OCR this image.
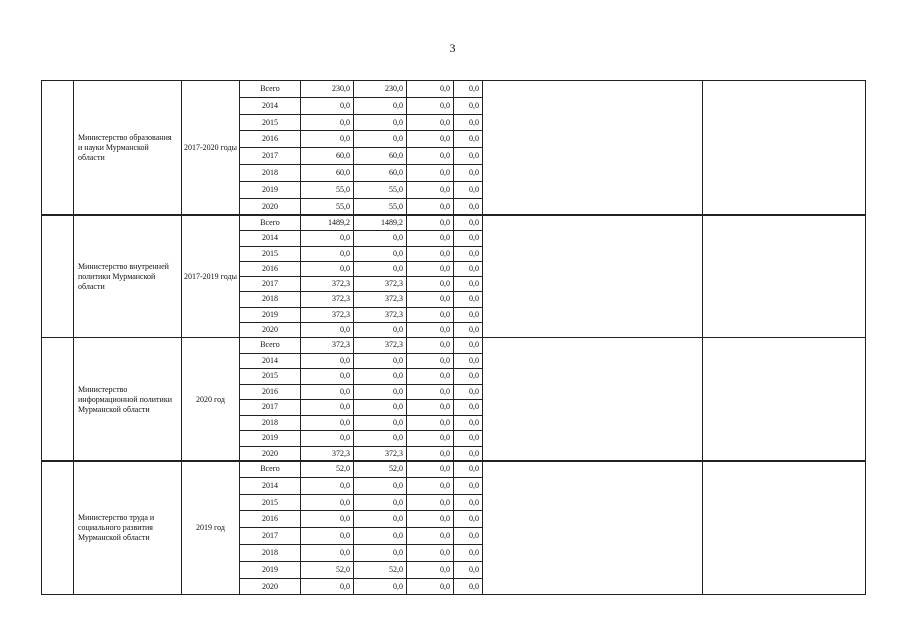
3
	Министерство образования и науки Мурманской области	2017-2020 годы	Всего	230,0	230,0	0,0	0,0		
			2014	0,0	0,0	0,0	0,0		
			2015	0,0	0,0	0,0	0,0		
			2016	0,0	0,0	0,0	0,0		
			2017	60,0	60,0	0,0	0,0		
			2018	60,0	60,0	0,0	0,0		
			2019	55,0	55,0	0,0	0,0		
			2020	55,0	55,0	0,0	0,0		
	Министерство внутренней политики Мурманской области	2017-2019 годы	Всего	1489,2	1489,2	0,0	0,0		
			2014	0,0	0,0	0,0	0,0		
			2015	0,0	0,0	0,0	0,0		
			2016	0,0	0,0	0,0	0,0		
			2017	372,3	372,3	0,0	0,0		
			2018	372,3	372,3	0,0	0,0		
			2019	372,3	372,3	0,0	0,0		
			2020	0,0	0,0	0,0	0,0		
	Министерство информационной политики Мурманской области	2020 год	Всего	372,3	372,3	0,0	0,0		
			2014	0,0	0,0	0,0	0,0		
			2015	0,0	0,0	0,0	0,0		
			2016	0,0	0,0	0,0	0,0		
			2017	0,0	0,0	0,0	0,0		
			2018	0,0	0,0	0,0	0,0		
			2019	0,0	0,0	0,0	0,0		
			2020	372,3	372,3	0,0	0,0		
	Министерство труда и социального развития Мурманской области	2019 год	Всего	52,0	52,0	0,0	0,0		
			2014	0,0	0,0	0,0	0,0		
			2015	0,0	0,0	0,0	0,0		
			2016	0,0	0,0	0,0	0,0		
			2017	0,0	0,0	0,0	0,0		
			2018	0,0	0,0	0,0	0,0		
			2019	52,0	52,0	0,0	0,0		
			2020	0,0	0,0	0,0	0,0		
